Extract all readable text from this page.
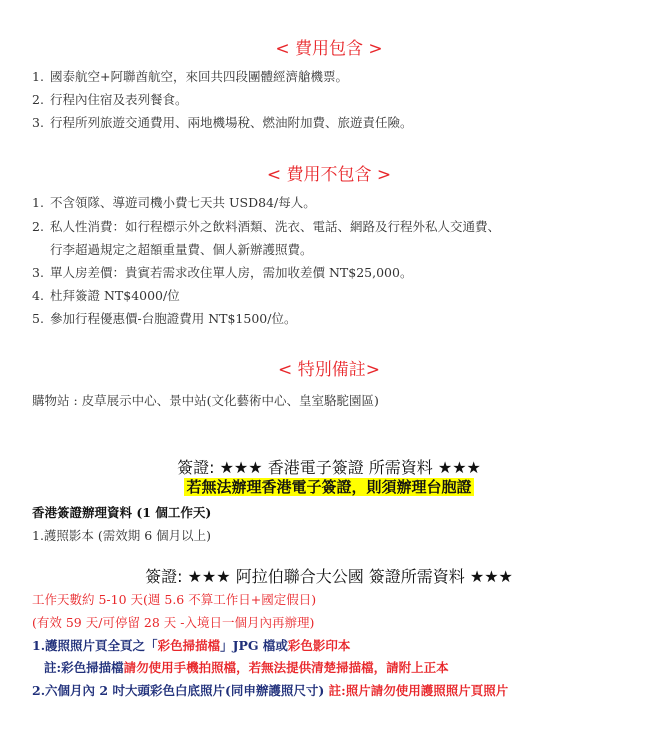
< 費用包含 >
1. 國泰航空+阿聯酋航空，來回共四段團體經濟艙機票。
2. 行程內住宿及表列餐食。
3. 行程所列旅遊交通費用、兩地機場稅、燃油附加費、旅遊責任險。
< 費用不包含 >
1. 不含領隊、導遊司機小費七天共 USD84/每人。
2. 私人性消費：如行程標示外之飲料酒類、洗衣、電話、網路及行程外私人交通費、
行李超過規定之超額重量費、個人新辦護照費。
3. 單人房差價：貴賓若需求改住單人房，需加收差價 NT$25,000。
4. 杜拜簽證 NT$4000/位
5. 參加行程優惠價-台胞證費用 NT$1500/位。
< 特別備註>
購物站 : 皮草展示中心、景中站(文化藝術中心、皇室駱駝園區)
簽證: ★★★ 香港電子簽證 所需資料 ★★★
若無法辦理香港電子簽證，則須辦理台胞證
香港簽證辦理資料 (1 個工作天)
1.護照影本 (需效期 6 個月以上)
簽證: ★★★ 阿拉伯聯合大公國 簽證所需資料 ★★★
工作天數約 5-10 天(週 5.6 不算工作日+國定假日)
(有效 59 天/可停留 28 天 -入境日一個月內再辦理)
1.護照照片頁全頁之「彩色掃描檔」JPG 檔或彩色影印本
註:彩色掃描檔請勿使用手機拍照檔，若無法提供清楚掃描檔，請附上正本
2.六個月內 2 吋大頭彩色白底照片(同申辦護照尺寸) 註:照片請勿使用護照照片頁照片
